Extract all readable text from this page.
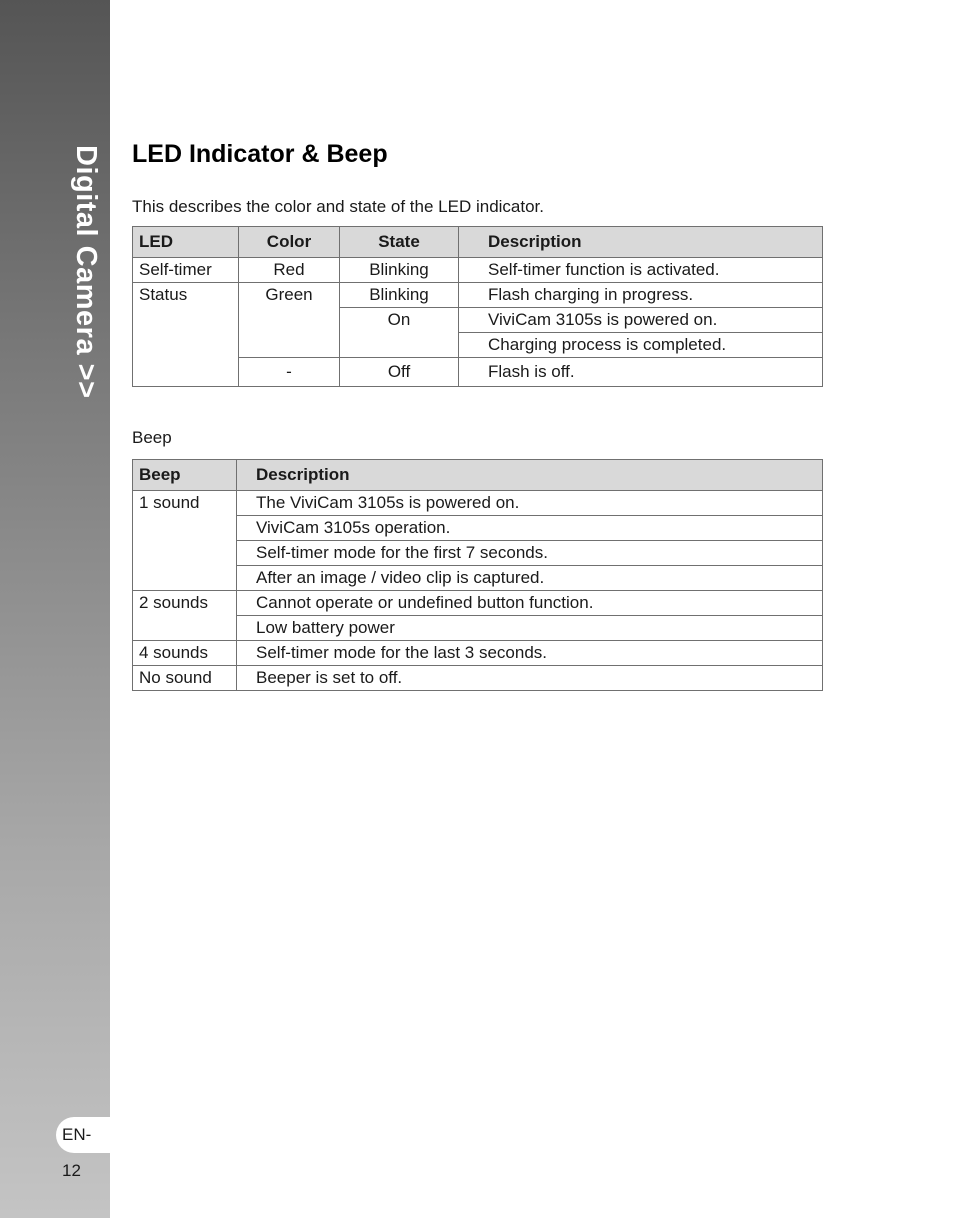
Digital Camera >>
EN-12
LED Indicator & Beep

This describes the color and state of the LED indicator.

LED	Color	State	Description
Self-timer	Red	Blinking	Self-timer function is activated.
Status	Green	Blinking	Flash charging in progress.
		On	ViviCam 3105s is powered on.
			Charging process is completed.
	-	Off	Flash is off.

Beep

Beep	Description
1 sound	The ViviCam 3105s is powered on.
	ViviCam 3105s operation.
	Self-timer mode for the first 7 seconds.
	After an image / video clip is captured.
2 sounds	Cannot operate or undefined button function.
	Low battery power
4 sounds	Self-timer mode for the last 3 seconds.
No sound	Beeper is set to off.
